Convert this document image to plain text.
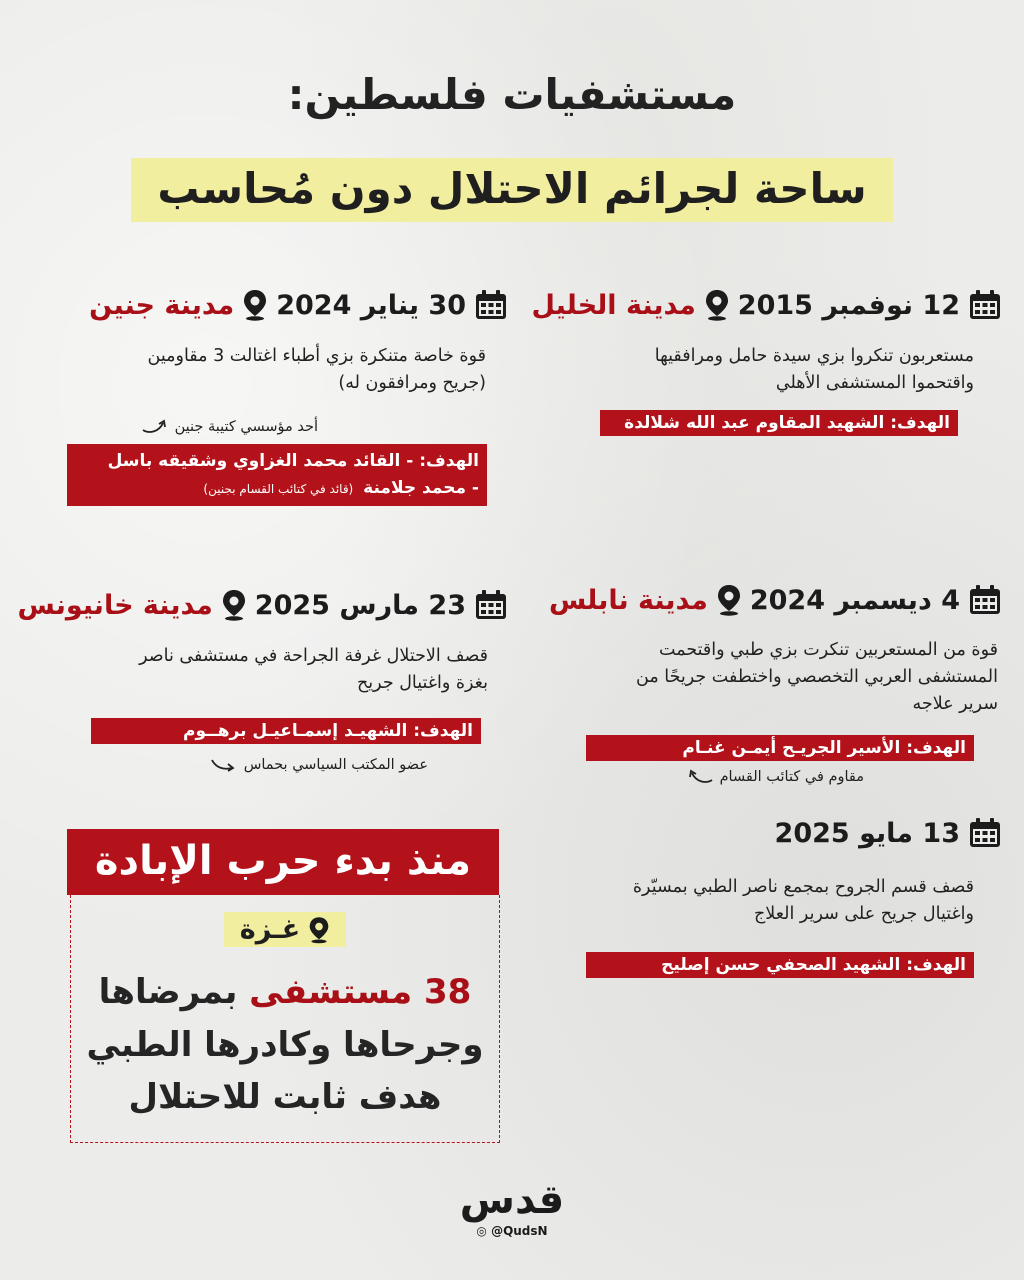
مستشفيات فلسطين:
ساحة لجرائم الاحتلال دون مُحاسب
12 نوفمبر 2015
مدينة الخليل
مستعربون تنكروا بزي سيدة حامل ومرافقيها
واقتحموا المستشفى الأهلي
الهدف: الشهيد المقاوم عبد الله شلالدة
30 يناير 2024
مدينة جنين
قوة خاصة متنكرة بزي أطباء اغتالت 3 مقاومين
(جريح ومرافقون له)
أحد مؤسسي كتيبة جنين
الهدف: - القائد محمد الغزاوي وشقيقه باسل
- محمد جلامنة (قائد في كتائب القسام بجنين)
4 ديسمبر 2024
مدينة نابلس
قوة من المستعربين تنكرت بزي طبي واقتحمت
المستشفى العربي التخصصي واختطفت جريحًا من
سرير علاجه
الهدف: الأسير الجريـح أيمـن غنـام
مقاوم في كتائب القسام
23 مارس 2025
مدينة خانيونس
قصف الاحتلال غرفة الجراحة في مستشفى ناصر
بغزة واغتيال جريح
الهدف: الشهيـد إسمـاعيـل برهــوم
عضو المكتب السياسي بحماس
13 مايو 2025
قصف قسم الجروح بمجمع ناصر الطبي بمسيّرة
واغتيال جريح على سرير العلاج
الهدف: الشهيد الصحفي حسن إصليح
منذ بدء حرب الإبادة
غـزة
38 مستشفى بمرضاها
وجرحاها وكادرها الطبي
هدف ثابت للاحتلال
قدس
◎ @QudsN
